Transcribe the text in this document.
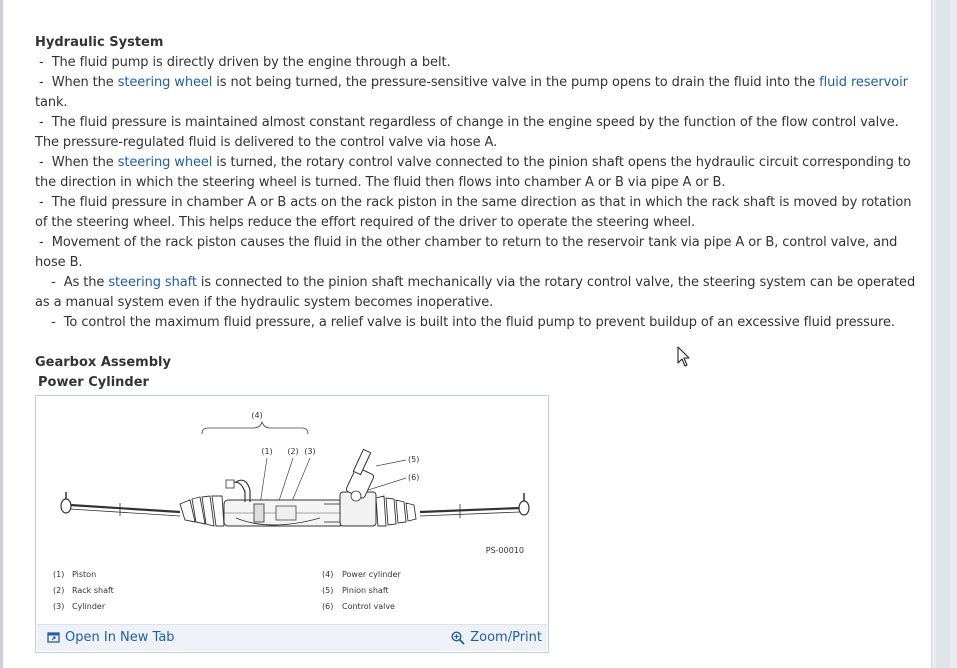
Hydraulic System

-  The fluid pump is directly driven by the engine through a belt.

-  When the steering wheel is not being turned, the pressure-sensitive valve in the pump opens to drain the fluid into the fluid reservoir tank.

-  The fluid pressure is maintained almost constant regardless of change in the engine speed by the function of the flow control valve. The pressure-regulated fluid is delivered to the control valve via hose A.

-  When the steering wheel is turned, the rotary control valve connected to the pinion shaft opens the hydraulic circuit corresponding to the direction in which the steering wheel is turned. The fluid then flows into chamber A or B via pipe A or B.

-  The fluid pressure in chamber A or B acts on the rack piston in the same direction as that in which the rack shaft is moved by rotation of the steering wheel. This helps reduce the effort required of the driver to operate the steering wheel.

-  Movement of the rack piston causes the fluid in the other chamber to return to the reservoir tank via pipe A or B, control valve, and hose B.

-  As the steering shaft is connected to the pinion shaft mechanically via the rotary control valve, the steering system can be operated as a manual system even if the hydraulic system becomes inoperative.

-  To control the maximum fluid pressure, a relief valve is built into the fluid pump to prevent buildup of an excessive fluid pressure.

Gearbox Assembly

Power Cylinder

(4)
(1) (2) (3)
(5)
(6)
PS-00010
(1) Piston
(2) Rack shaft
(3) Cylinder
(4) Power cylinder
(5) Pinion shaft
(6) Control valve
Open In New Tab	Zoom/Print
